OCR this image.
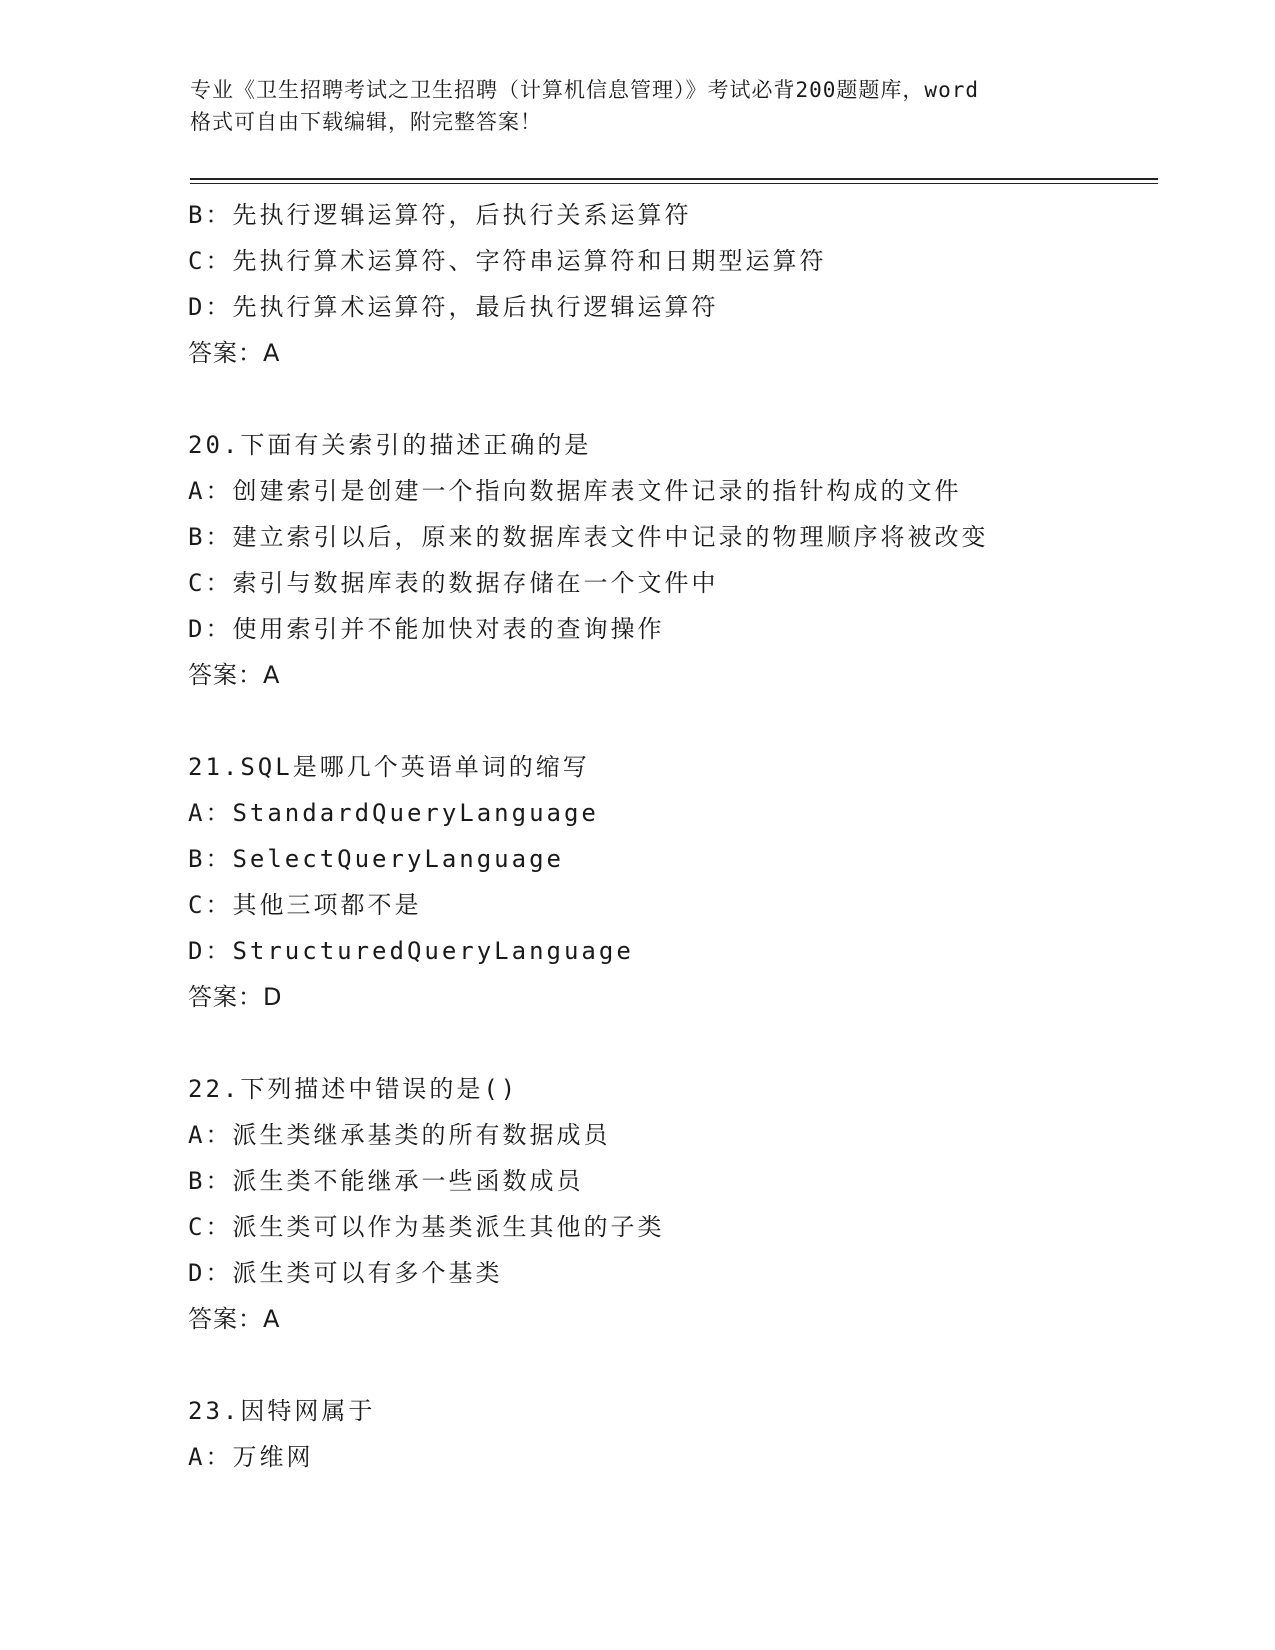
专业《卫生招聘考试之卫生招聘（计算机信息管理）》考试必背200题题库，word
格式可自由下载编辑，附完整答案！
B：先执行逻辑运算符，后执行关系运算符
C：先执行算术运算符、字符串运算符和日期型运算符
D：先执行算术运算符，最后执行逻辑运算符
答案：A
20.下面有关索引的描述正确的是
A：创建索引是创建一个指向数据库表文件记录的指针构成的文件
B：建立索引以后，原来的数据库表文件中记录的物理顺序将被改变
C：索引与数据库表的数据存储在一个文件中
D：使用索引并不能加快对表的查询操作
答案：A
21.SQL是哪几个英语单词的缩写
A：StandardQueryLanguage
B：SelectQueryLanguage
C：其他三项都不是
D：StructuredQueryLanguage
答案：D
22.下列描述中错误的是()
A：派生类继承基类的所有数据成员
B：派生类不能继承一些函数成员
C：派生类可以作为基类派生其他的子类
D：派生类可以有多个基类
答案：A
23.因特网属于
A：万维网
